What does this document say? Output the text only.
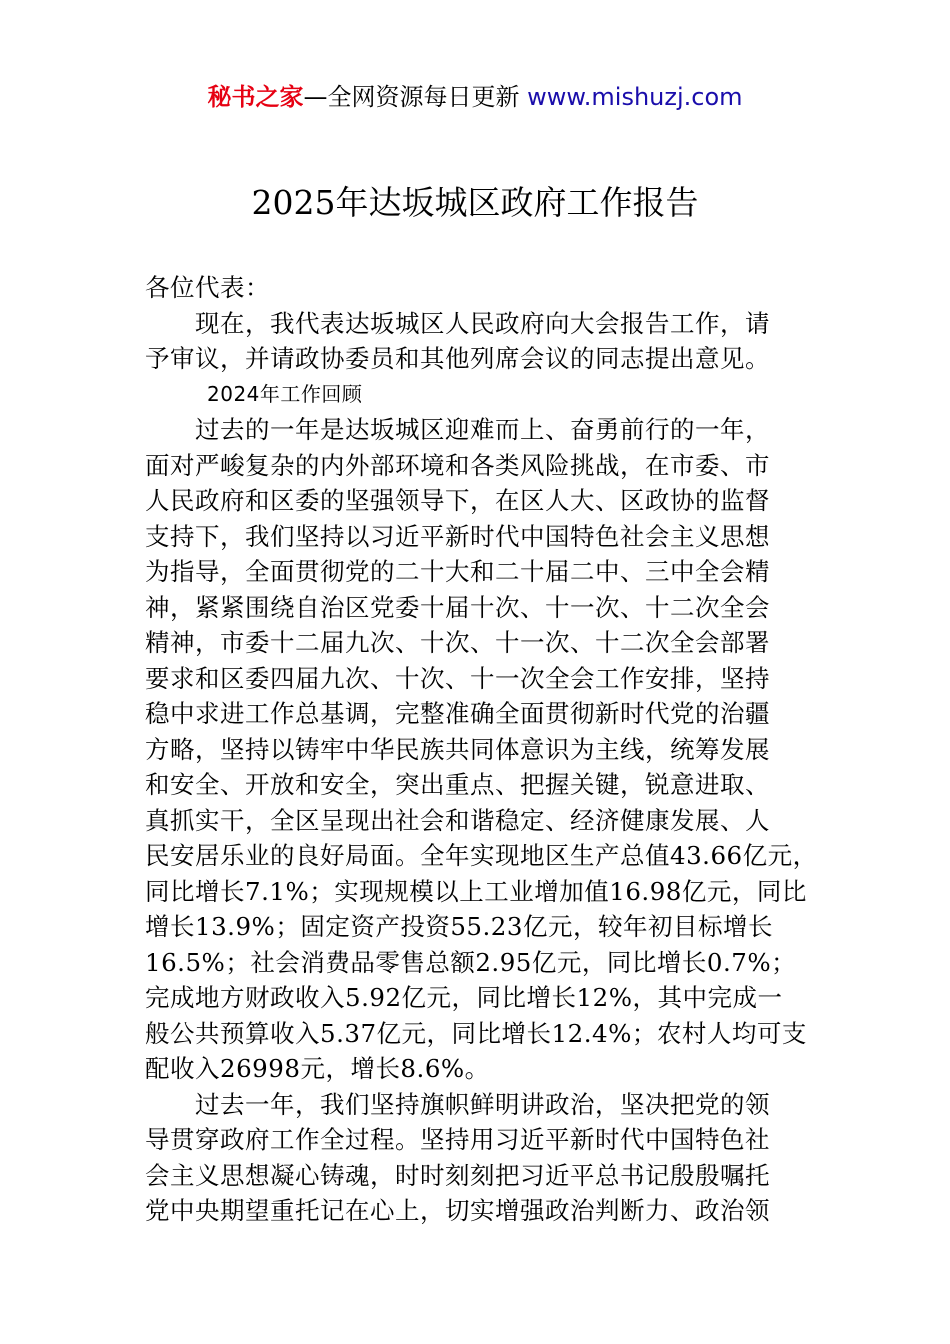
秘书之家—全网资源每日更新 www.mishuzj.com
2025年达坂城区政府工作报告
各位代表：
现在，我代表达坂城区人民政府向大会报告工作，请
予审议，并请政协委员和其他列席会议的同志提出意见。
2024年工作回顾
过去的一年是达坂城区迎难而上、奋勇前行的一年，
面对严峻复杂的内外部环境和各类风险挑战，在市委、市
人民政府和区委的坚强领导下，在区人大、区政协的监督
支持下，我们坚持以习近平新时代中国特色社会主义思想
为指导，全面贯彻党的二十大和二十届二中、三中全会精
神，紧紧围绕自治区党委十届十次、十一次、十二次全会
精神，市委十二届九次、十次、十一次、十二次全会部署
要求和区委四届九次、十次、十一次全会工作安排，坚持
稳中求进工作总基调，完整准确全面贯彻新时代党的治疆
方略，坚持以铸牢中华民族共同体意识为主线，统筹发展
和安全、开放和安全，突出重点、把握关键，锐意进取、
真抓实干，全区呈现出社会和谐稳定、经济健康发展、人
民安居乐业的良好局面。全年实现地区生产总值43.66亿元，
同比增长7.1%；实现规模以上工业增加值16.98亿元，同比
增长13.9%；固定资产投资55.23亿元，较年初目标增长
16.5%；社会消费品零售总额2.95亿元，同比增长0.7%；
完成地方财政收入5.92亿元，同比增长12%，其中完成一
般公共预算收入5.37亿元，同比增长12.4%；农村人均可支
配收入26998元，增长8.6%。
过去一年，我们坚持旗帜鲜明讲政治，坚决把党的领
导贯穿政府工作全过程。坚持用习近平新时代中国特色社
会主义思想凝心铸魂，时时刻刻把习近平总书记殷殷嘱托
党中央期望重托记在心上，切实增强政治判断力、政治领
